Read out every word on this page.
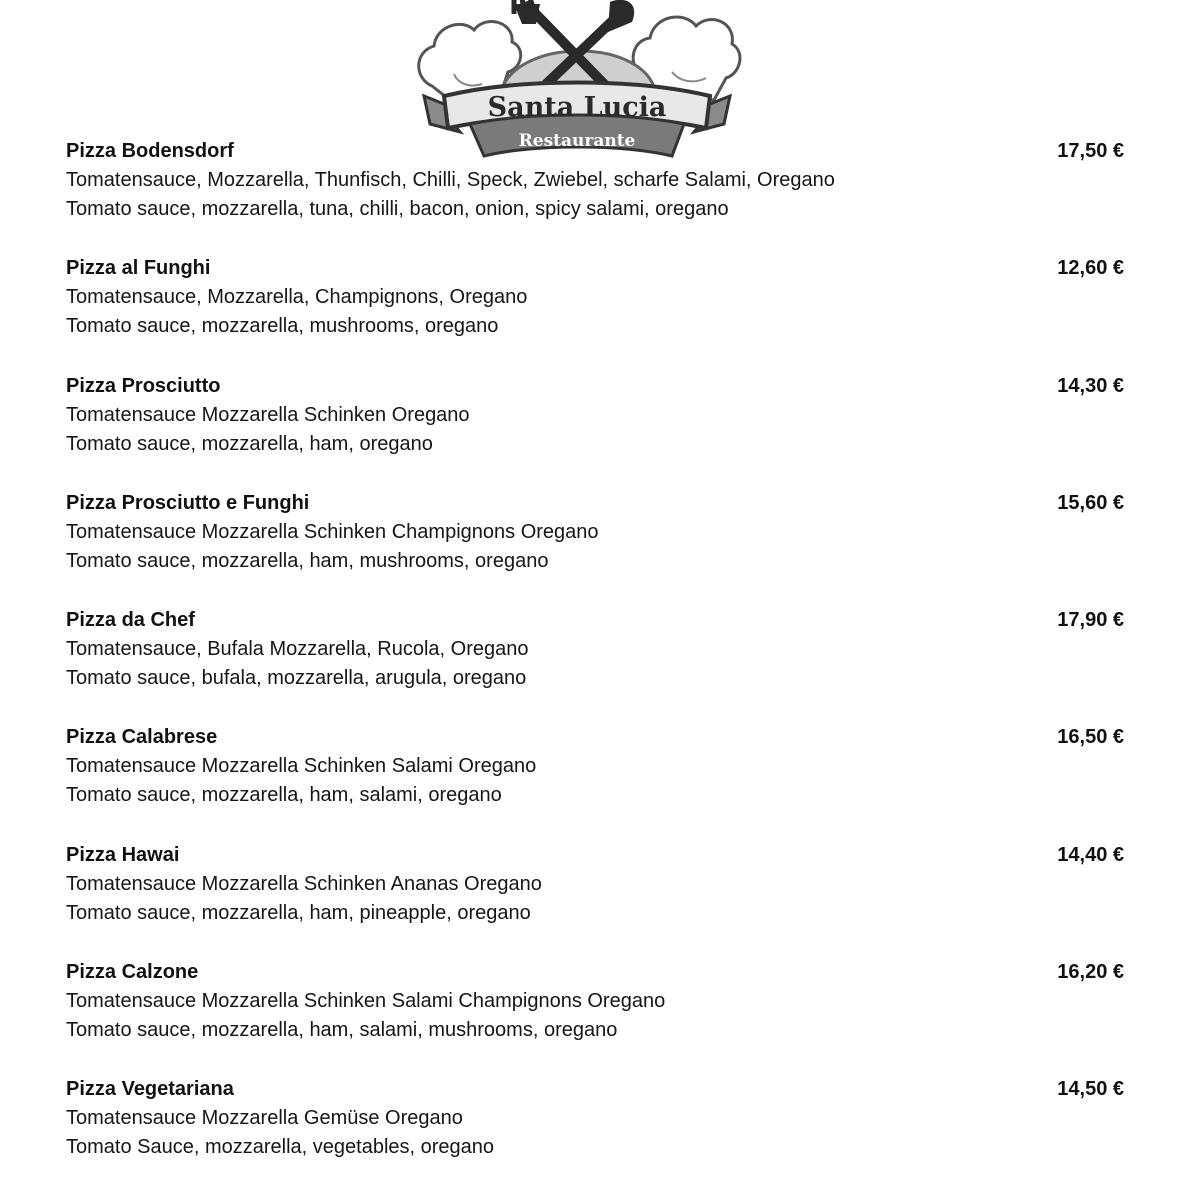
Santa Lucia
Restaurante
Pizza Bodensdorf	17,50 €
Tomatensauce, Mozzarella, Thunfisch, Chilli, Speck, Zwiebel, scharfe Salami, Oregano
Tomato sauce, mozzarella, tuna, chilli, bacon, onion, spicy salami, oregano
Pizza al Funghi	12,60 €
Tomatensauce, Mozzarella, Champignons, Oregano
Tomato sauce, mozzarella, mushrooms, oregano
Pizza Prosciutto	14,30 €
Tomatensauce Mozzarella Schinken Oregano
Tomato sauce, mozzarella, ham, oregano
Pizza Prosciutto e Funghi	15,60 €
Tomatensauce Mozzarella Schinken Champignons Oregano
Tomato sauce, mozzarella, ham, mushrooms, oregano
Pizza da Chef	17,90 €
Tomatensauce, Bufala Mozzarella, Rucola, Oregano
Tomato sauce, bufala, mozzarella, arugula, oregano
Pizza Calabrese	16,50 €
Tomatensauce Mozzarella Schinken Salami Oregano
Tomato sauce, mozzarella, ham, salami, oregano
Pizza Hawai	14,40 €
Tomatensauce Mozzarella Schinken Ananas Oregano
Tomato sauce, mozzarella, ham, pineapple, oregano
Pizza Calzone	16,20 €
Tomatensauce Mozzarella Schinken Salami Champignons Oregano
Tomato sauce, mozzarella, ham, salami, mushrooms, oregano
Pizza Vegetariana	14,50 €
Tomatensauce Mozzarella Gemüse Oregano
Tomato Sauce, mozzarella, vegetables, oregano
